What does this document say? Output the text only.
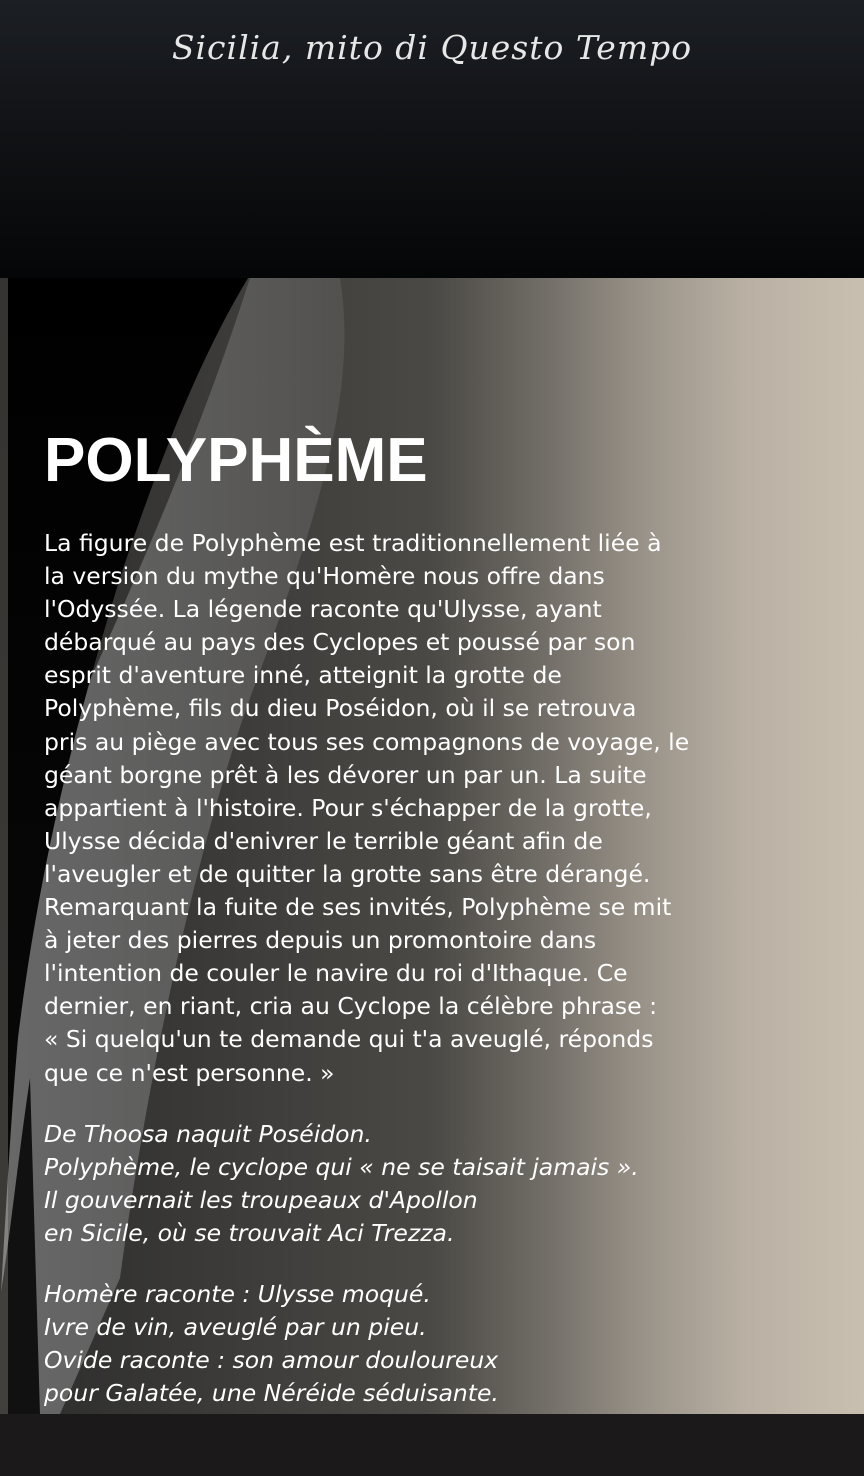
Sicilia, mito di Questo Tempo
POLYPHÈME

La figure de Polyphème est traditionnellement liée à
la version du mythe qu'Homère nous offre dans
l'Odyssée. La légende raconte qu'Ulysse, ayant
débarqué au pays des Cyclopes et poussé par son
esprit d'aventure inné, atteignit la grotte de
Polyphème, fils du dieu Poséidon, où il se retrouva
pris au piège avec tous ses compagnons de voyage, le
géant borgne prêt à les dévorer un par un. La suite
appartient à l'histoire. Pour s'échapper de la grotte,
Ulysse décida d'enivrer le terrible géant afin de
l'aveugler et de quitter la grotte sans être dérangé.
Remarquant la fuite de ses invités, Polyphème se mit
à jeter des pierres depuis un promontoire dans
l'intention de couler le navire du roi d'Ithaque. Ce
dernier, en riant, cria au Cyclope la célèbre phrase :
« Si quelqu'un te demande qui t'a aveuglé, réponds
que ce n'est personne. »

De Thoosa naquit Poséidon.
Polyphème, le cyclope qui « ne se taisait jamais ».
Il gouvernait les troupeaux d'Apollon
en Sicile, où se trouvait Aci Trezza.

Homère raconte : Ulysse moqué.
Ivre de vin, aveuglé par un pieu.
Ovide raconte : son amour douloureux
pour Galatée, une Néréide séduisante.
